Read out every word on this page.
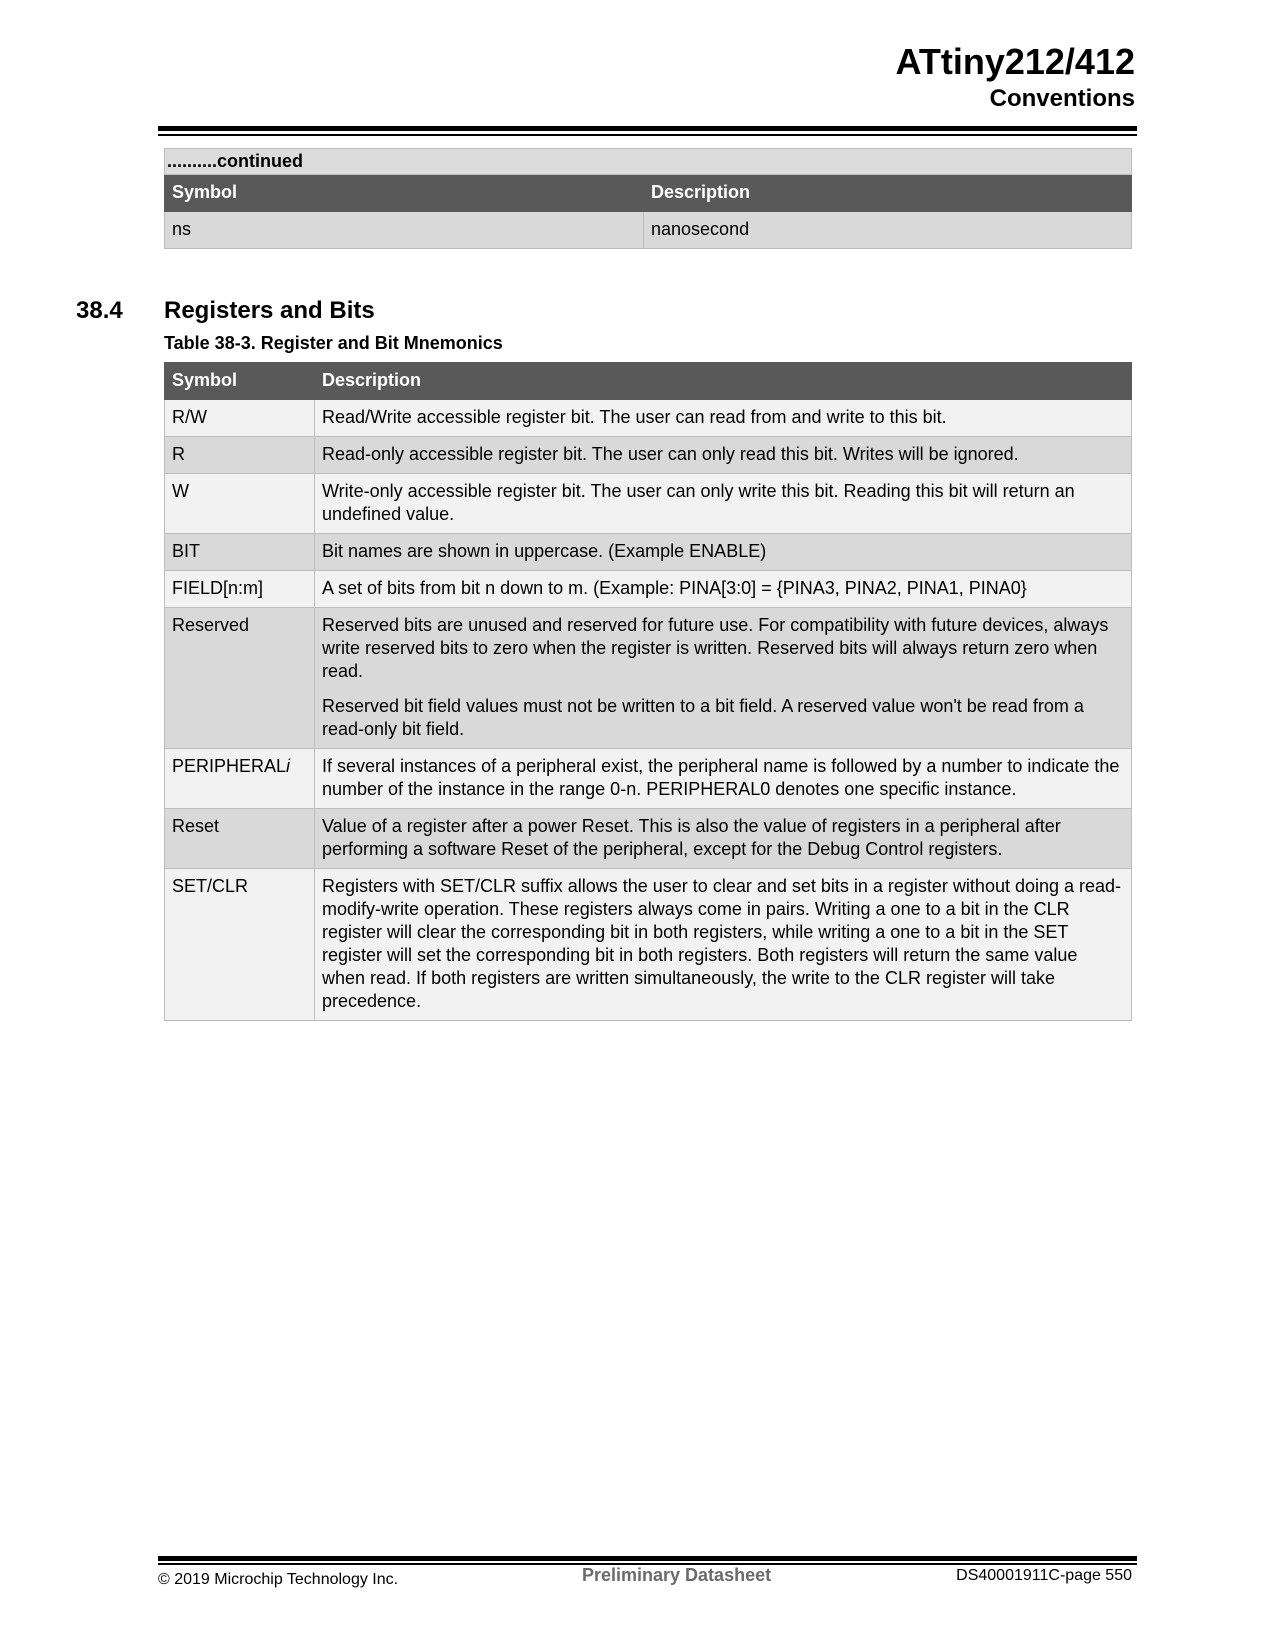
ATtiny212/412
Conventions
..........continued	
Symbol	Description
ns	nanosecond
38.4 Registers and Bits
Table 38-3. Register and Bit Mnemonics
Symbol	Description
R/W	Read/Write accessible register bit. The user can read from and write to this bit.

R	Read-only accessible register bit. The user can only read this bit. Writes will be ignored.

W	Write-only accessible register bit. The user can only write this bit. Reading this bit will return an undefined value.

BIT	Bit names are shown in uppercase. (Example ENABLE)

FIELD[n:m]	A set of bits from bit n down to m. (Example: PINA[3:0] = {PINA3, PINA2, PINA1, PINA0}

Reserved	Reserved bits are unused and reserved for future use. For compatibility with future devices, always write reserved bits to zero when the register is written. Reserved bits will always return zero when read.
Reserved bit field values must not be written to a bit field. A reserved value won't be read from a read-only bit field.

PERIPHERALi	If several instances of a peripheral exist, the peripheral name is followed by a number to indicate the number of the instance in the range 0-n. PERIPHERAL0 denotes one specific instance.

Reset	Value of a register after a power Reset. This is also the value of registers in a peripheral after performing a software Reset of the peripheral, except for the Debug Control registers.

SET/CLR	Registers with SET/CLR suffix allows the user to clear and set bits in a register without doing a read-modify-write operation. These registers always come in pairs. Writing a one to a bit in the CLR register will clear the corresponding bit in both registers, while writing a one to a bit in the SET register will set the corresponding bit in both registers. Both registers will return the same value when read. If both registers are written simultaneously, the write to the CLR register will take precedence.
© 2019 Microchip Technology Inc.	Preliminary Datasheet	DS40001911C-page 550
